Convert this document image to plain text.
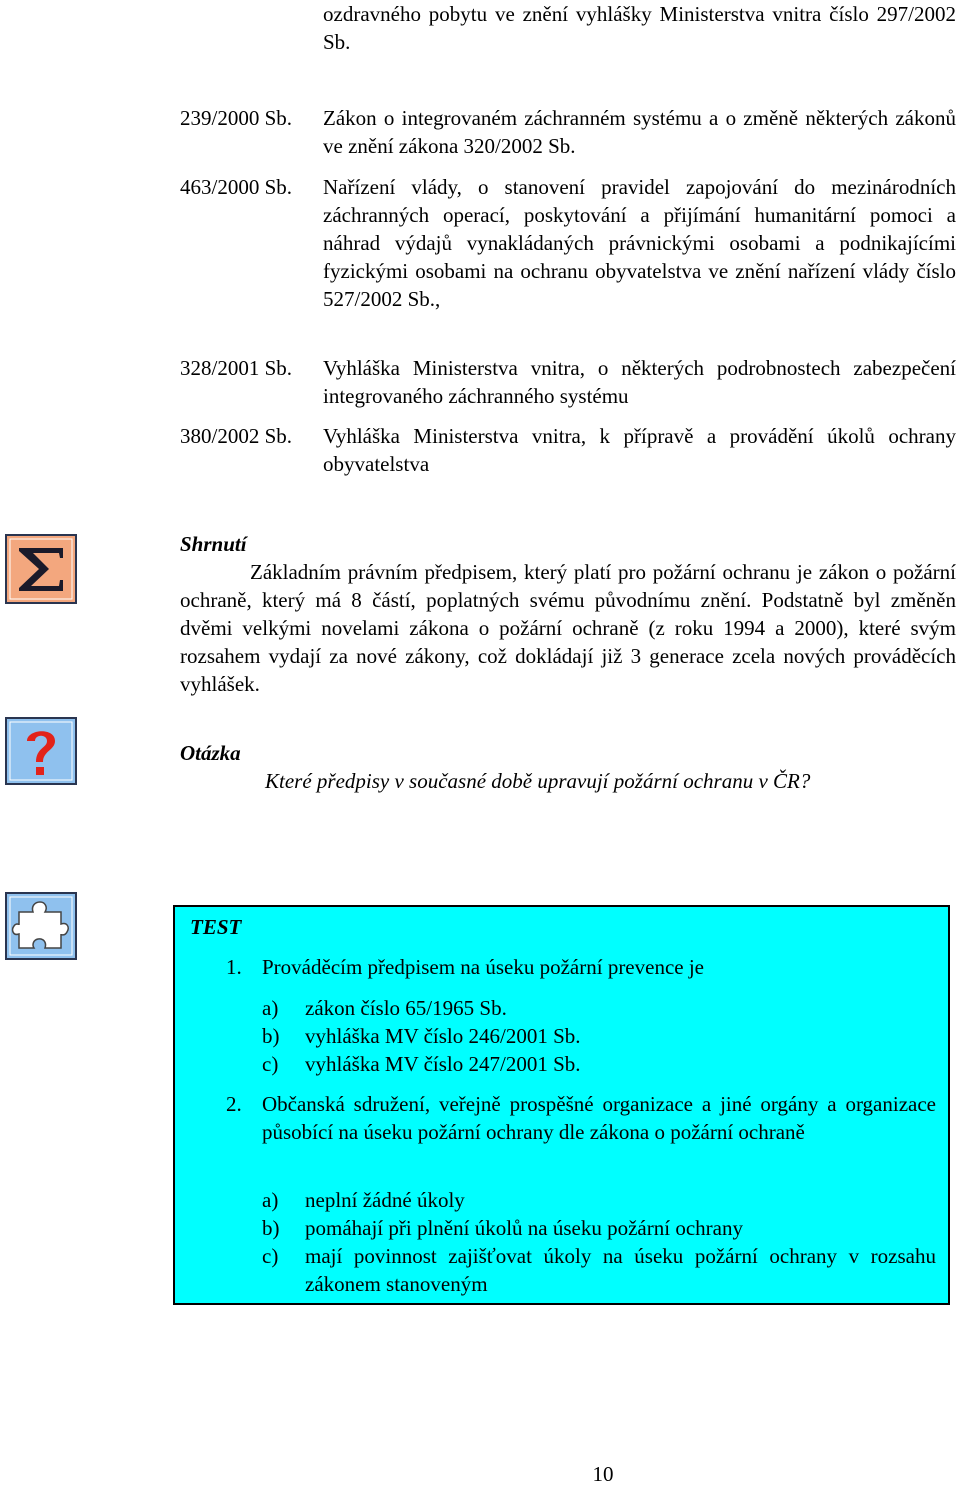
ozdravného pobytu ve znění vyhlášky Ministerstva vnitra číslo 297/2002 Sb.
239/2000 Sb. Zákon o integrovaném záchranném systému a o změně některých zákonů ve znění zákona 320/2002 Sb.
463/2000 Sb. Nařízení vlády, o stanovení pravidel zapojování do mezinárodních záchranných operací, poskytování a přijímání humanitární pomoci a náhrad výdajů vynakládaných právnickými osobami a podnikajícími fyzickými osobami na ochranu obyvatelstva ve znění nařízení vlády číslo 527/2002 Sb.,
328/2001 Sb. Vyhláška Ministerstva vnitra, o některých podrobnostech zabezpečení integrovaného záchranného systému
380/2002 Sb. Vyhláška Ministerstva vnitra, k přípravě a provádění úkolů ochrany obyvatelstva
Shrnutí
Základním právním předpisem, který platí pro požární ochranu je zákon o požární ochraně, který má 8 částí, poplatných svému původnímu znění. Podstatně byl změněn dvěmi velkými novelami zákona o požární ochraně (z roku 1994 a 2000), které svým rozsahem vydají za nové zákony, což dokládají již 3 generace zcela nových prováděcích vyhlášek.
Otázka
Které předpisy v současné době upravují požární ochranu v ČR?
TEST
1. Prováděcím předpisem na úseku požární prevence je
a) zákon číslo 65/1965 Sb.
b) vyhláška MV číslo 246/2001 Sb.
c) vyhláška MV číslo 247/2001 Sb.
2. Občanská sdružení, veřejně prospěšné organizace a jiné orgány a organizace působící na úseku požární ochrany dle zákona o požární ochraně
a) neplní žádné úkoly
b) pomáhají při plnění úkolů na úseku požární ochrany
c) mají povinnost zajišťovat úkoly na úseku požární ochrany v rozsahu zákonem stanoveným
10
